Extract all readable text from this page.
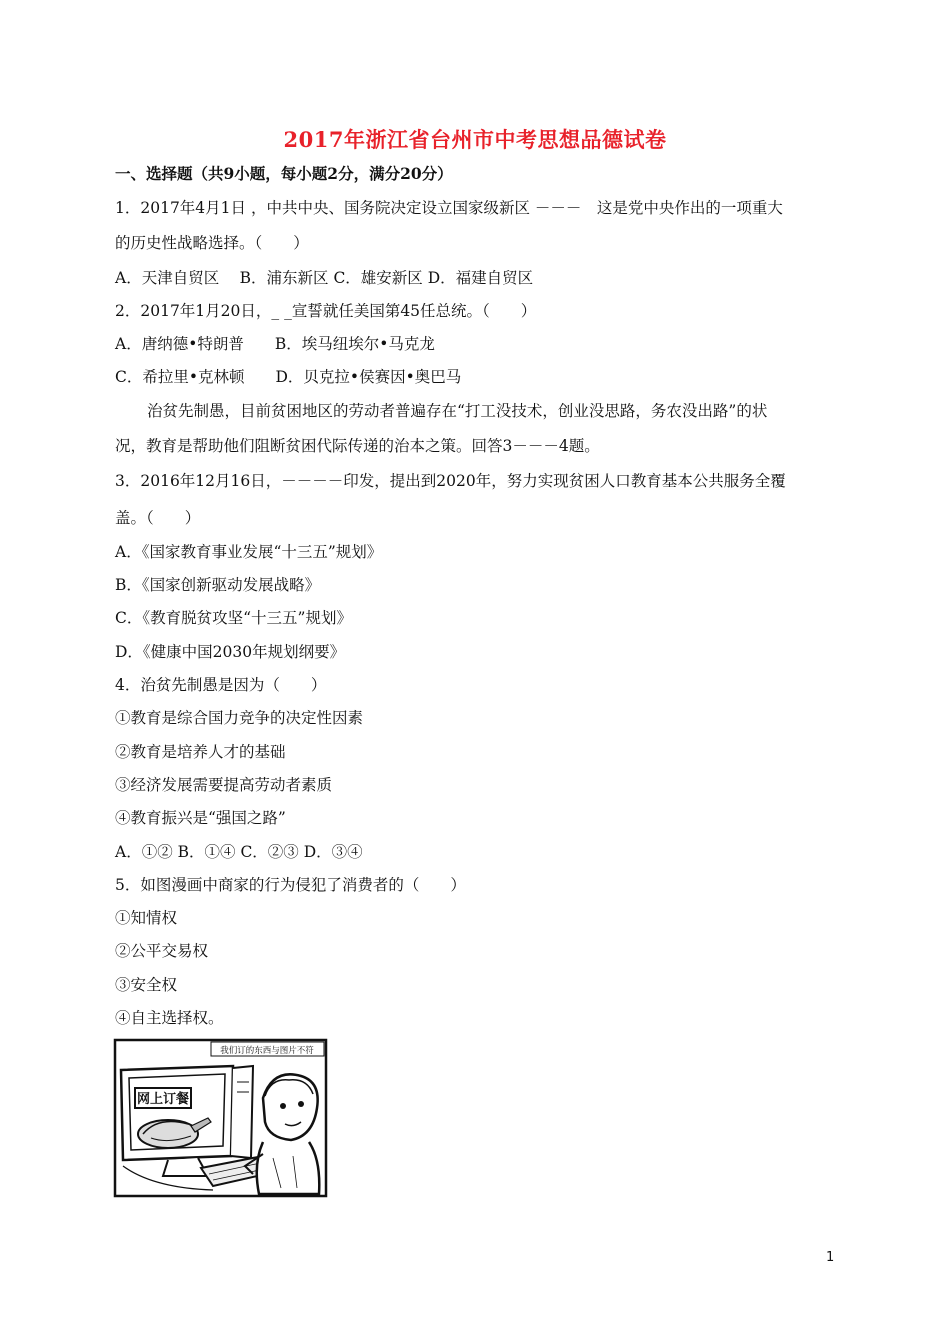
2017年浙江省台州市中考思想品德试卷
一、选择题（共9小题，每小题2分，满分20分）
1．2017年4月1日 ，中共中央、国务院决定设立国家级新区 －－－　这是党中央作出的一项重大
的历史性战略选择。（　　）
A．天津自贸区　 B．浦东新区 C．雄安新区 D．福建自贸区
2．2017年1月20日，_ _宣誓就任美国第45任总统。（　　）
A．唐纳德•特朗普　　B．埃马纽埃尔•马克龙
C．希拉里•克林顿　　D．贝克拉•侯赛因•奥巴马
治贫先制愚，目前贫困地区的劳动者普遍存在“打工没技术，创业没思路，务农没出路”的状
况，教育是帮助他们阻断贫困代际传递的治本之策。回答3－－－4题。
3．2016年12月16日，－－－－印发，提出到2020年，努力实现贫困人口教育基本公共服务全覆
盖。（　　）
A．《国家教育事业发展“十三五”规划》
B．《国家创新驱动发展战略》
C．《教育脱贫攻坚“十三五”规划》
D．《健康中国2030年规划纲要》
4．治贫先制愚是因为（　　）
①教育是综合国力竞争的决定性因素
②教育是培养人才的基础
③经济发展需要提高劳动者素质
④教育振兴是“强国之路”
A．①② B．①④ C．②③ D．③④
5．如图漫画中商家的行为侵犯了消费者的（　　）
①知情权
②公平交易权
③安全权
④自主选择权。
我们订的东西与图片不符
网上订餐
1
